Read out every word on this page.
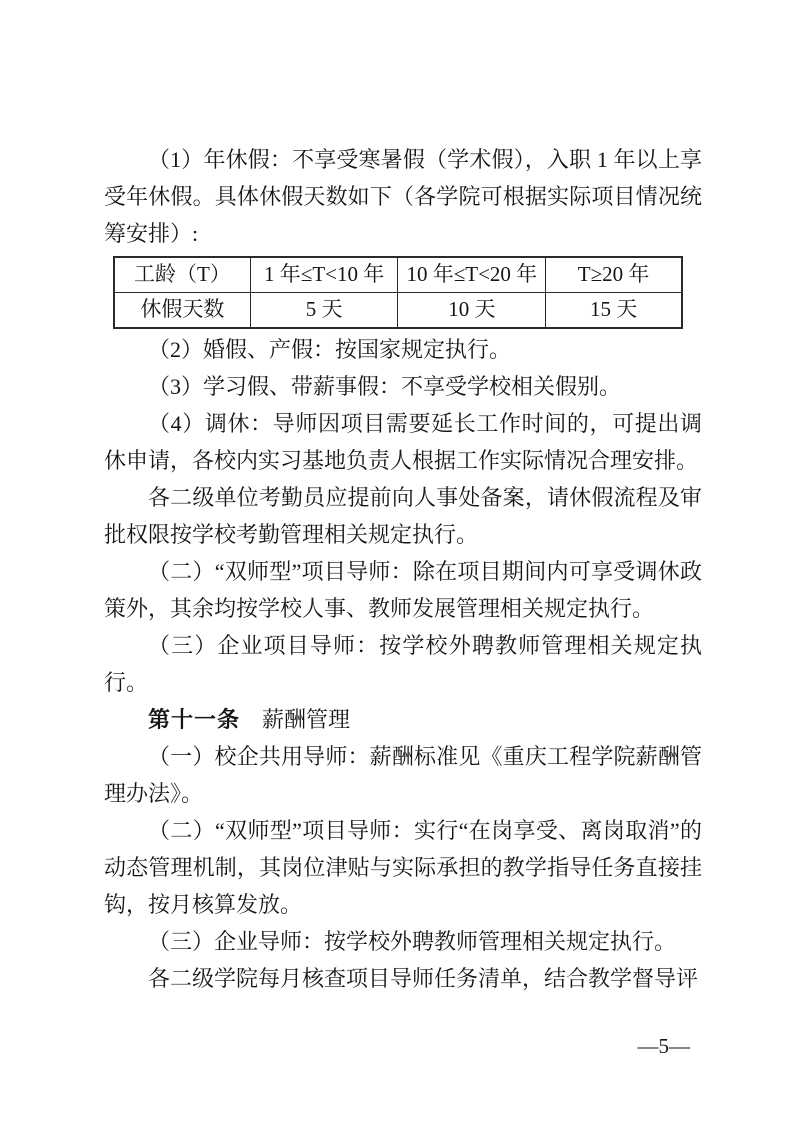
（1）年休假：不享受寒暑假（学术假），入职 1 年以上享受年休假。具体休假天数如下（各学院可根据实际项目情况统筹安排）:

工龄（T）	1 年≤T<10 年	10 年≤T<20 年	T≥20 年
休假天数	5 天	10 天	15 天

（2）婚假、产假：按国家规定执行。

（3）学习假、带薪事假：不享受学校相关假别。

（4）调休：导师因项目需要延长工作时间的，可提出调休申请，各校内实习基地负责人根据工作实际情况合理安排。

各二级单位考勤员应提前向人事处备案，请休假流程及审批权限按学校考勤管理相关规定执行。

（二）“双师型”项目导师：除在项目期间内可享受调休政策外，其余均按学校人事、教师发展管理相关规定执行。

（三）企业项目导师：按学校外聘教师管理相关规定执行。

第十一条 薪酬管理

（一）校企共用导师：薪酬标准见《重庆工程学院薪酬管理办法》。

（二）“双师型”项目导师：实行“在岗享受、离岗取消”的动态管理机制，其岗位津贴与实际承担的教学指导任务直接挂钩，按月核算发放。

（三）企业导师：按学校外聘教师管理相关规定执行。

各二级学院每月核查项目导师任务清单，结合教学督导评

—5—
